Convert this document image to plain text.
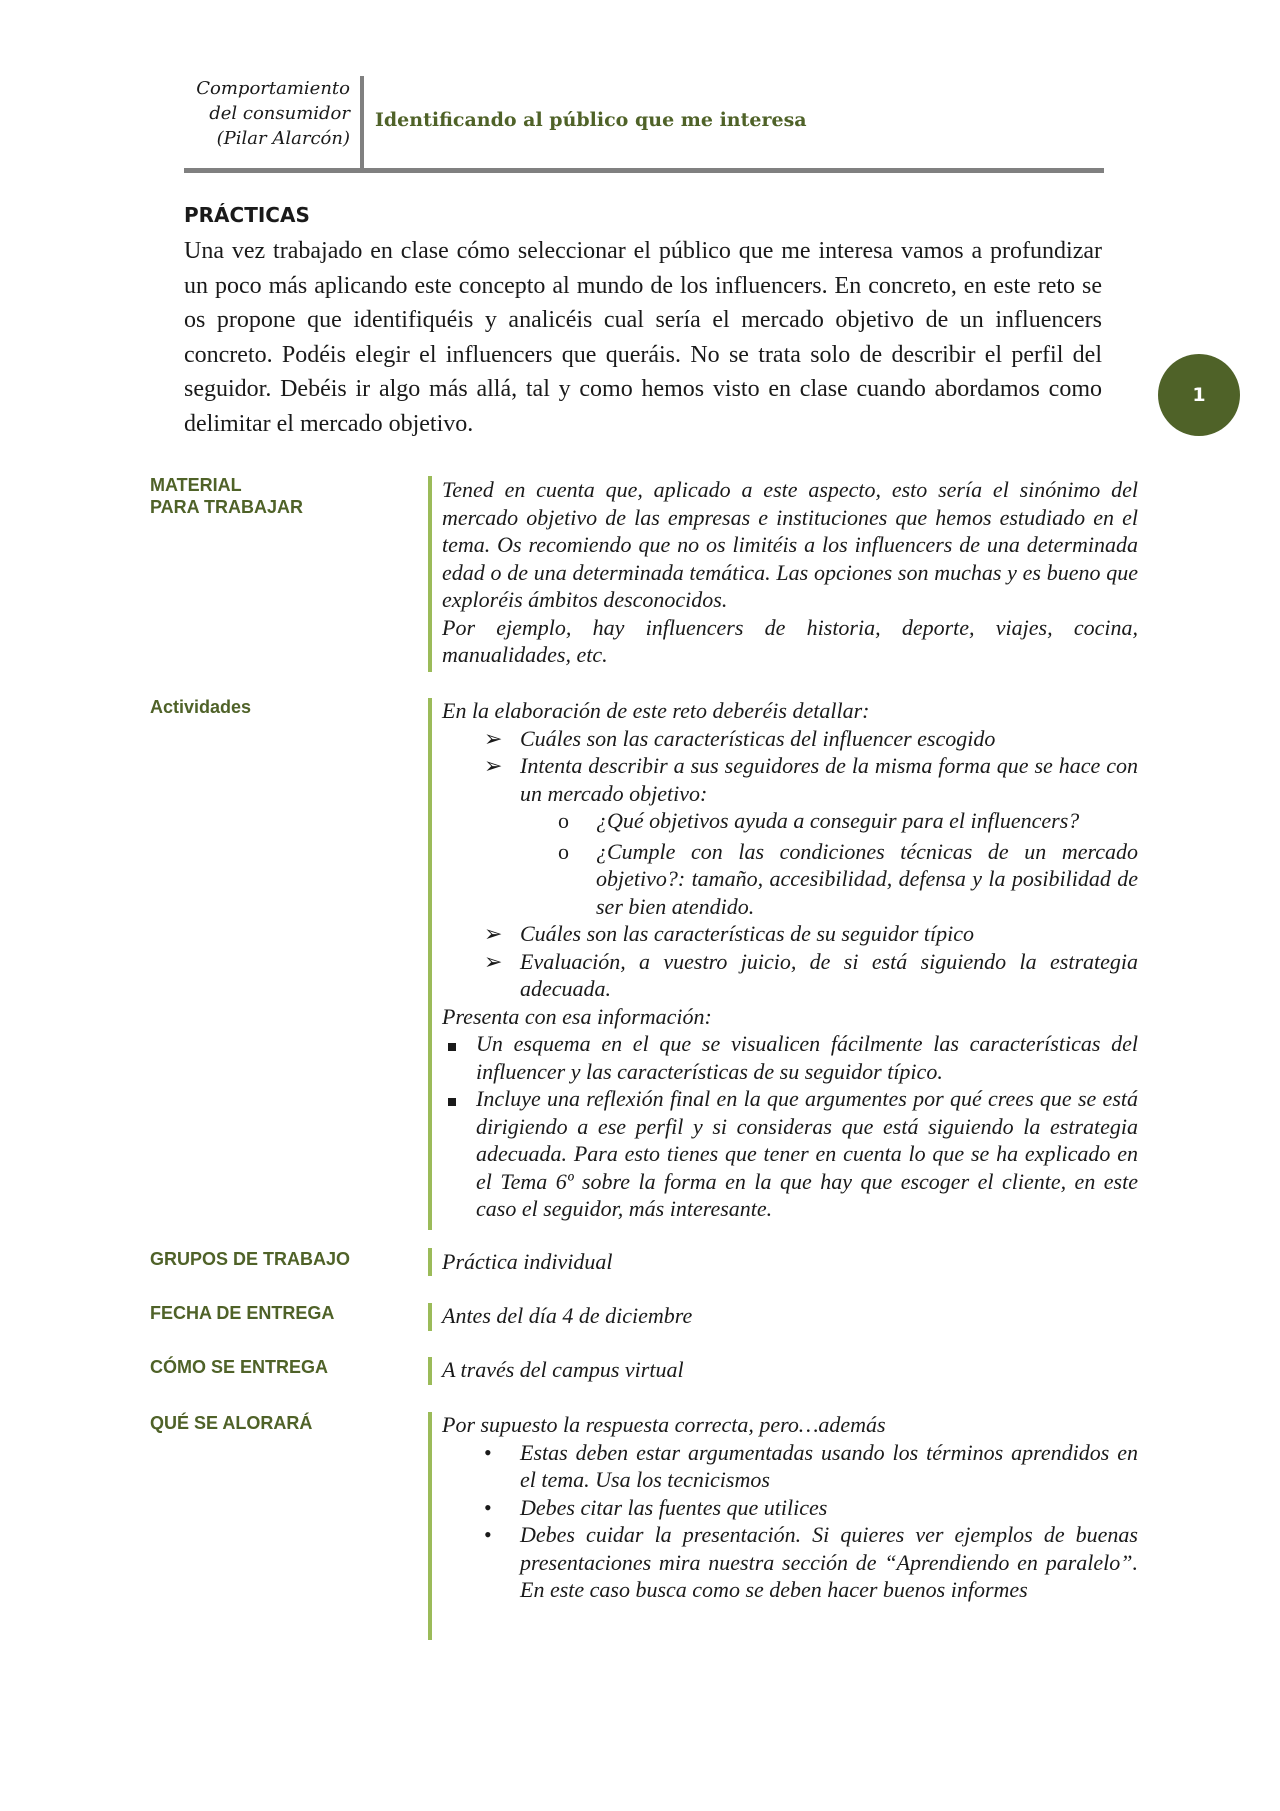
Comportamiento
del consumidor
(Pilar Alarcón)
Identificando al público que me interesa
1
PRÁCTICAS
Una vez trabajado en clase cómo seleccionar el público que me interesa vamos a profundizar un poco más aplicando este concepto al mundo de los influencers. En concreto, en este reto se os propone que identifiquéis y analicéis cual sería el mercado objetivo de un influencers concreto. Podéis elegir el influencers que queráis. No se trata solo de describir el perfil del seguidor. Debéis ir algo más allá, tal y como hemos visto en clase cuando abordamos como delimitar el mercado objetivo.
MATERIAL
PARA TRABAJAR

Tened en cuenta que, aplicado a este aspecto, esto sería el sinónimo del mercado objetivo de las empresas e instituciones que hemos estudiado en el tema. Os recomiendo que no os limitéis a los influencers de una determinada edad o de una determinada temática. Las opciones son muchas y es bueno que exploréis ámbitos desconocidos.

Por ejemplo, hay influencers de historia, deporte, viajes, cocina, manualidades, etc.

Actividades	En la elaboración de este reto deberéis detallar:

➢ Cuáles son las características del influencer escogido
➢ Intenta describir a sus seguidores de la misma forma que se hace con un mercado objetivo:
o ¿Qué objetivos ayuda a conseguir para el influencers?
o ¿Cumple con las condiciones técnicas de un mercado objetivo?: tamaño, accesibilidad, defensa y la posibilidad de ser bien atendido.
➢ Cuáles son las características de su seguidor típico
➢ Evaluación, a vuestro juicio, de si está siguiendo la estrategia adecuada.

Presenta con esa información:

Un esquema en el que se visualicen fácilmente las características del influencer y las características de su seguidor típico.
Incluye una reflexión final en la que argumentes por qué crees que se está dirigiendo a ese perfil y si consideras que está siguiendo la estrategia adecuada. Para esto tienes que tener en cuenta lo que se ha explicado en el Tema 6º sobre la forma en la que hay que escoger el cliente, en este caso el seguidor, más interesante.
GRUPOS DE TRABAJO	Práctica individual
FECHA DE ENTREGA	Antes del día 4 de diciembre
CÓMO SE ENTREGA	A través del campus virtual
QUÉ SE ALORARÁ	Por supuesto la respuesta correcta, pero…además

• Estas deben estar argumentadas usando los términos aprendidos en el tema. Usa los tecnicismos
• Debes citar las fuentes que utilices
• Debes cuidar la presentación. Si quieres ver ejemplos de buenas presentaciones mira nuestra sección de “Aprendiendo en paralelo”. En este caso busca como se deben hacer buenos informes
